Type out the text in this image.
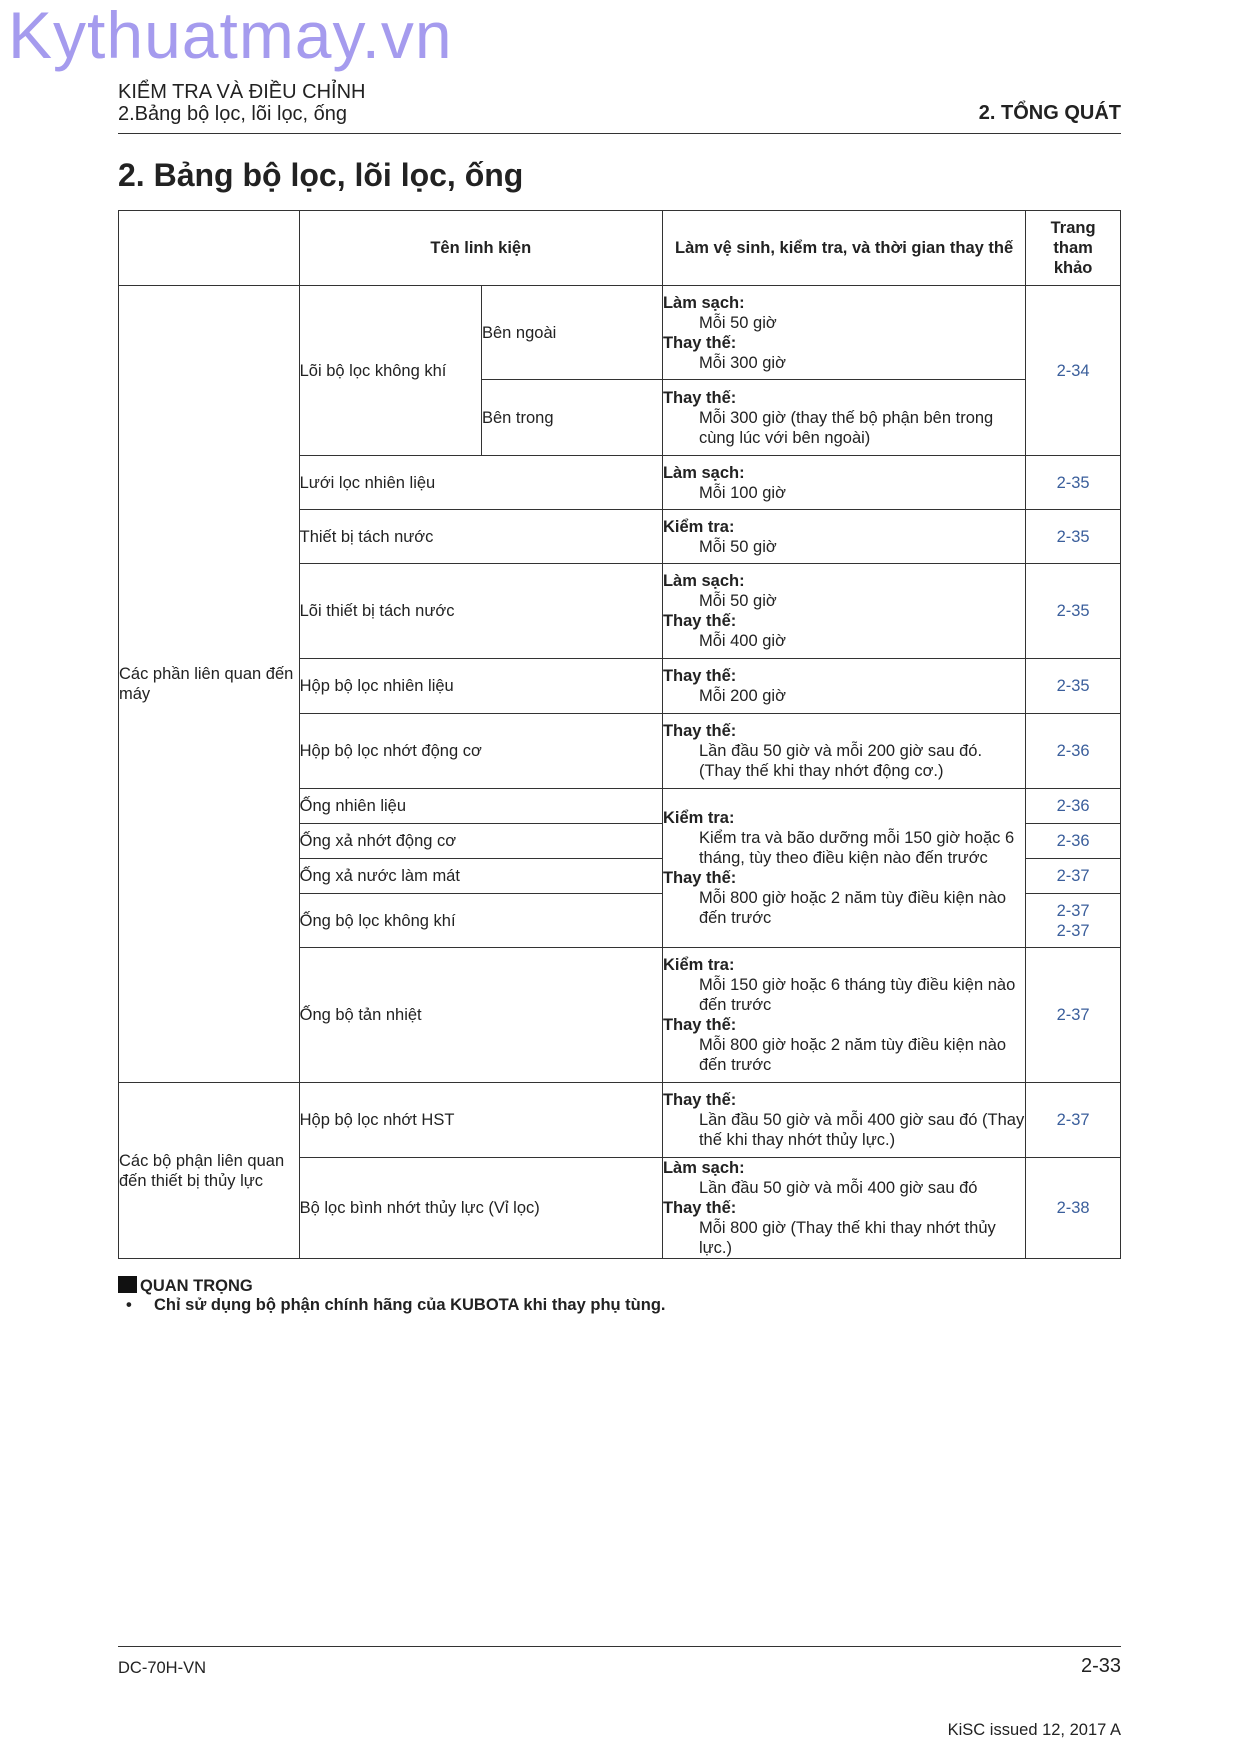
Kythuatmay.vn
KIỂM TRA VÀ ĐIỀU CHỈNH
2.Bảng bộ lọc, lõi lọc, ống	2. TỔNG QUÁT
2. Bảng bộ lọc, lõi lọc, ống
	Tên linh kiện		Làm vệ sinh, kiểm tra, và thời gian thay thế	Trang tham khảo
Các phần liên quan đến máy	Lõi bộ lọc không khí	Bên ngoài	Làm sạch:
Mỗi 50 giờ
Thay thế:
Mỗi 300 giờ	2-34
		Bên trong	Thay thế:
Mỗi 300 giờ (thay thế bộ phận bên trong cùng lúc với bên ngoài)	

	Lưới lọc nhiên liệu		Làm sạch:
Mỗi 100 giờ	2-35
	Thiết bị tách nước		Kiểm tra:
Mỗi 50 giờ	2-35
	Lõi thiết bị tách nước		Làm sạch:
Mỗi 50 giờ
Thay thế:
Mỗi 400 giờ	2-35
	Hộp bộ lọc nhiên liệu		Thay thế:
Mỗi 200 giờ	2-35
	Hộp bộ lọc nhớt động cơ		Thay thế:
Lần đầu 50 giờ và mỗi 200 giờ sau đó. (Thay thế khi thay nhớt động cơ.)	2-36
	Ống nhiên liệu		Kiểm tra:
Kiểm tra và bão dưỡng mỗi 150 giờ hoặc 6 tháng, tùy theo điều kiện nào đến trước
Thay thế:
Mỗi 800 giờ hoặc 2 năm tùy điều kiện nào đến trước	2-36
	Ống xả nhớt động cơ			2-36
	Ống xả nước làm mát			2-37
	Ống bộ lọc không khí			2-37
2-37

	Ống bộ tản nhiệt		Kiểm tra:
Mỗi 150 giờ hoặc 6 tháng tùy điều kiện nào đến trước
Thay thế:
Mỗi 800 giờ hoặc 2 năm tùy điều kiện nào đến trước	2-37

Các bộ phận liên quan đến thiết bị thủy lực	Hộp bộ lọc nhớt HST		Thay thế:
Lần đầu 50 giờ và mỗi 400 giờ sau đó (Thay thế khi thay nhớt thủy lực.)	2-37
	Bộ lọc bình nhớt thủy lực (Vỉ lọc)		Làm sạch:
Lần đầu 50 giờ và mỗi 400 giờ sau đó
Thay thế:
Mỗi 800 giờ (Thay thế khi thay nhớt thủy lực.)	2-38
QUAN TRỌNG
• Chỉ sử dụng bộ phận chính hãng của KUBOTA khi thay phụ tùng.
DC-70H-VN	2-33
KiSC issued 12, 2017 A
